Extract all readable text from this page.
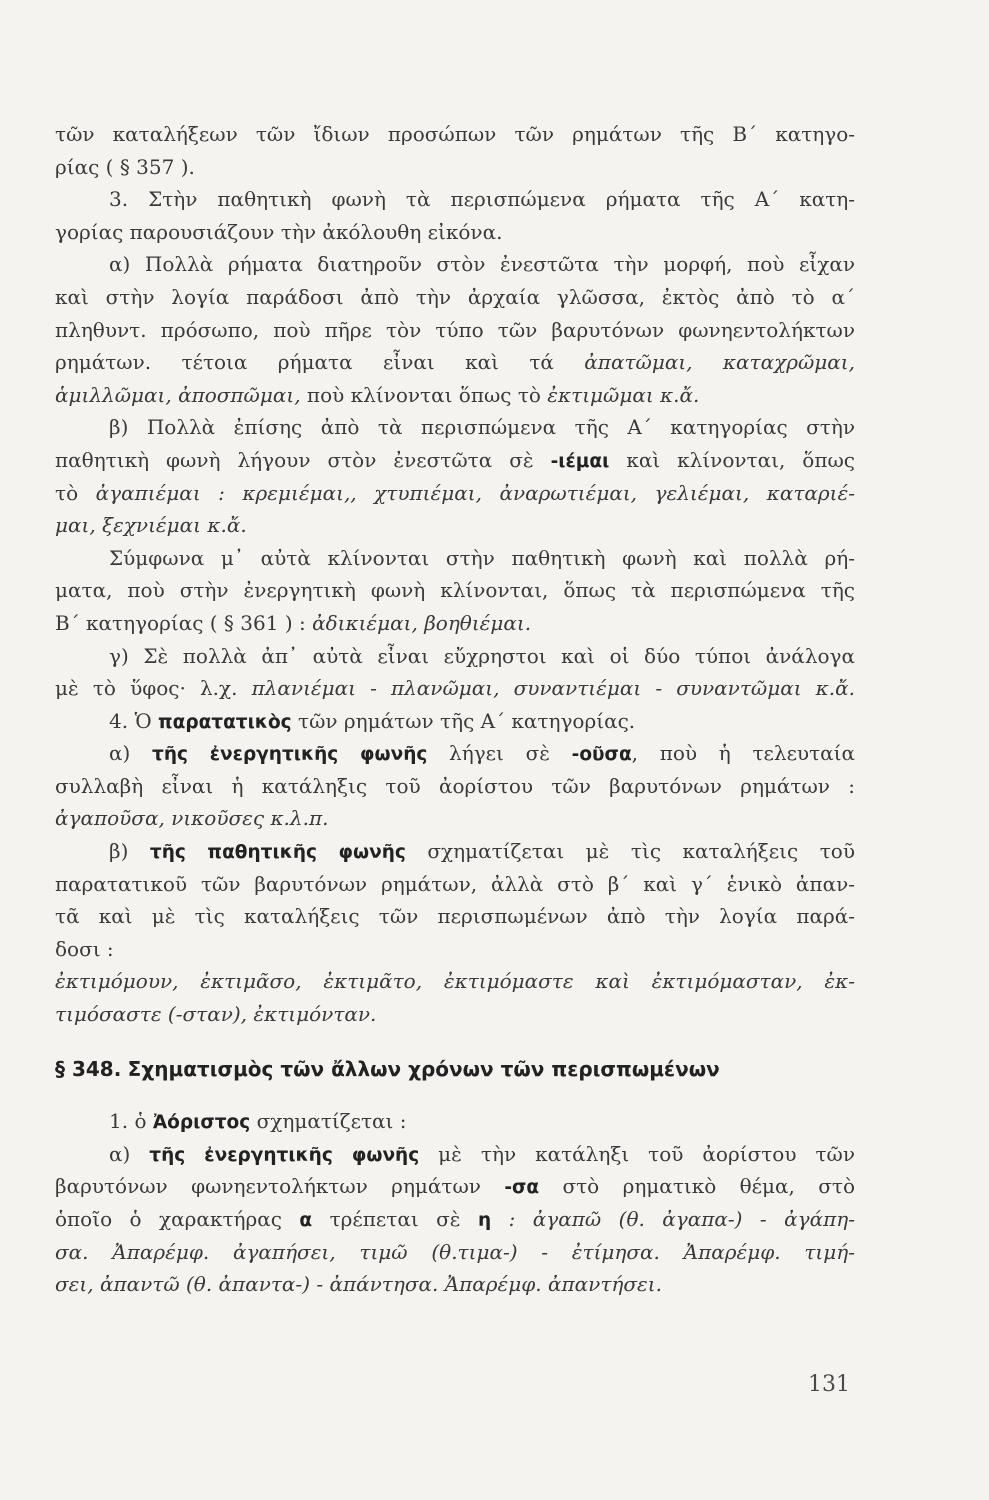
τῶν καταλήξεων τῶν ἴδιων προσώπων τῶν ρημάτων τῆς Β΄ κατηγο-
ρίας ( § 357 ).
3. Στὴν παθητικὴ φωνὴ τὰ περισπώμενα ρήματα τῆς Α΄ κατη-
γορίας παρουσιάζουν τὴν ἀκόλουθη εἰκόνα.
α) Πολλὰ ρήματα διατηροῦν στὸν ἐνεστῶτα τὴν μορφή, ποὺ εἶχαν
καὶ στὴν λογία παράδοσι ἀπὸ τὴν ἀρχαία γλῶσσα, ἐκτὸς ἀπὸ τὸ α΄
πληθυντ. πρόσωπο, ποὺ πῆρε τὸν τύπο τῶν βαρυτόνων φωνηεντολήκτων
ρημάτων. τέτοια ρήματα εἶναι καὶ τά ἀπατῶμαι, καταχρῶμαι,
ἁμιλλῶμαι, ἀποσπῶμαι, ποὺ κλίνονται ὅπως τὸ ἐκτιμῶμαι κ.ἄ.
β) Πολλὰ ἐπίσης ἀπὸ τὰ περισπώμενα τῆς Α΄ κατηγορίας στὴν
παθητικὴ φωνὴ λήγουν στὸν ἐνεστῶτα σὲ -ιέμαι καὶ κλίνονται, ὅπως
τὸ ἀγαπιέμαι : κρεμιέμαι,, χτυπιέμαι, ἀναρωτιέμαι, γελιέμαι, καταριέ-
μαι, ξεχνιέμαι κ.ἄ.
Σύμφωνα μ᾽ αὐτὰ κλίνονται στὴν παθητικὴ φωνὴ καὶ πολλὰ ρή-
ματα, ποὺ στὴν ἐνεργητικὴ φωνὴ κλίνονται, ὅπως τὰ περισπώμενα τῆς
Β΄ κατηγορίας ( § 361 ) : ἀδικιέμαι, βοηθιέμαι.
γ) Σὲ πολλὰ ἀπ᾽ αὐτὰ εἶναι εὔχρηστοι καὶ οἱ δύο τύποι ἀνάλογα
μὲ τὸ ὕφος· λ.χ. πλανιέμαι - πλανῶμαι, συναντιέμαι - συναντῶμαι κ.ἄ.
4. Ὁ παρατατικὸς τῶν ρημάτων τῆς Α΄ κατηγορίας.
α) τῆς ἐνεργητικῆς φωνῆς λήγει σὲ -οῦσα, ποὺ ἡ τελευταία
συλλαβὴ εἶναι ἡ κατάληξις τοῦ ἀορίστου τῶν βαρυτόνων ρημάτων :
ἀγαποῦσα, νικοῦσες κ.λ.π.
β) τῆς παθητικῆς φωνῆς σχηματίζεται μὲ τὶς καταλήξεις τοῦ
παρατατικοῦ τῶν βαρυτόνων ρημάτων, ἀλλὰ στὸ β΄ καὶ γ΄ ἑνικὸ ἀπαν-
τᾶ καὶ μὲ τὶς καταλήξεις τῶν περισπωμένων ἀπὸ τὴν λογία παρά-
δοσι :
ἐκτιμόμουν, ἐκτιμᾶσο, ἐκτιμᾶτο, ἐκτιμόμαστε καὶ ἐκτιμόμασταν, ἐκ-
τιμόσαστε (-σταν), ἐκτιμόνταν.
§ 348. Σχηματισμὸς τῶν ἄλλων χρόνων τῶν περισπωμένων
1. ὁ Ἀόριστος σχηματίζεται :
α) τῆς ἐνεργητικῆς φωνῆς μὲ τὴν κατάληξι τοῦ ἀορίστου τῶν
βαρυτόνων φωνηεντολήκτων ρημάτων -σα στὸ ρηματικὸ θέμα, στὸ
ὁποῖο ὁ χαρακτήρας α τρέπεται σὲ η : ἀγαπῶ (θ. ἀγαπα-) - ἀγάπη-
σα. Ἀπαρέμφ. ἀγαπήσει, τιμῶ (θ.τιμα-) - ἐτίμησα. Ἀπαρέμφ. τιμή-
σει, ἀπαντῶ (θ. ἀπαντα-) - ἀπάντησα. Ἀπαρέμφ. ἀπαντήσει.
131
